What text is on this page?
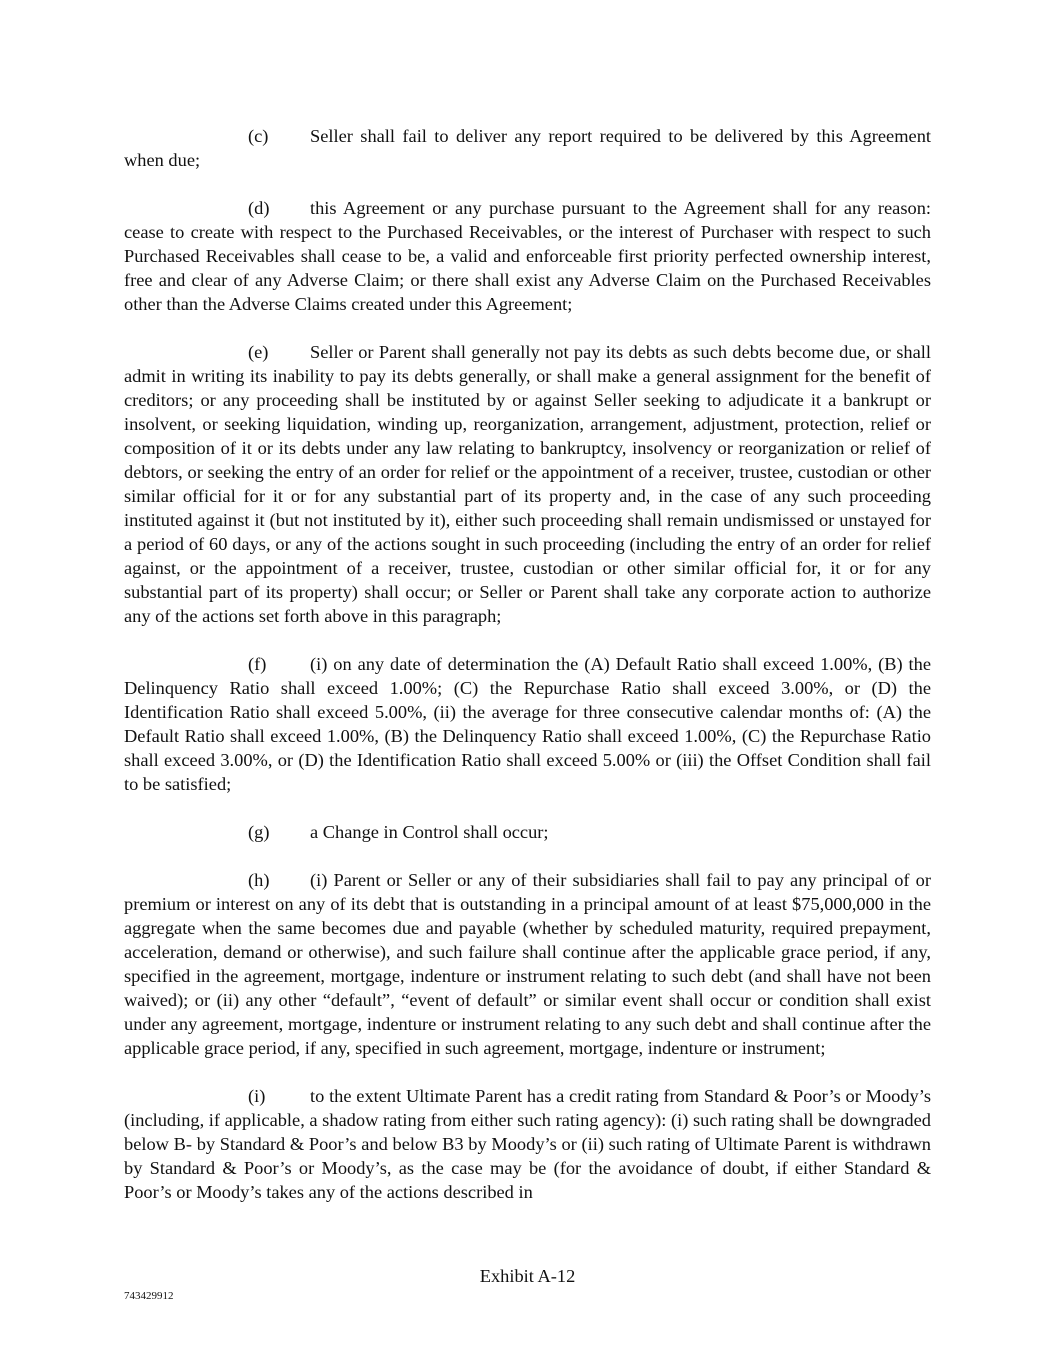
(c) Seller shall fail to deliver any report required to be delivered by this Agreement when due;

(d) this Agreement or any purchase pursuant to the Agreement shall for any reason: cease to create with respect to the Purchased Receivables, or the interest of Purchaser with respect to such Purchased Receivables shall cease to be, a valid and enforceable first priority perfected ownership interest, free and clear of any Adverse Claim; or there shall exist any Adverse Claim on the Purchased Receivables other than the Adverse Claims created under this Agreement;

(e) Seller or Parent shall generally not pay its debts as such debts become due, or shall admit in writing its inability to pay its debts generally, or shall make a general assignment for the benefit of creditors; or any proceeding shall be instituted by or against Seller seeking to adjudicate it a bankrupt or insolvent, or seeking liquidation, winding up, reorganization, arrangement, adjustment, protection, relief or composition of it or its debts under any law relating to bankruptcy, insolvency or reorganization or relief of debtors, or seeking the entry of an order for relief or the appointment of a receiver, trustee, custodian or other similar official for it or for any substantial part of its property and, in the case of any such proceeding instituted against it (but not instituted by it), either such proceeding shall remain undismissed or unstayed for a period of 60 days, or any of the actions sought in such proceeding (including the entry of an order for relief against, or the appointment of a receiver, trustee, custodian or other similar official for, it or for any substantial part of its property) shall occur; or Seller or Parent shall take any corporate action to authorize any of the actions set forth above in this paragraph;

(f) (i) on any date of determination the (A) Default Ratio shall exceed 1.00%, (B) the Delinquency Ratio shall exceed 1.00%; (C) the Repurchase Ratio shall exceed 3.00%, or (D) the Identification Ratio shall exceed 5.00%, (ii) the average for three consecutive calendar months of: (A) the Default Ratio shall exceed 1.00%, (B) the Delinquency Ratio shall exceed 1.00%, (C) the Repurchase Ratio shall exceed 3.00%, or (D) the Identification Ratio shall exceed 5.00% or (iii) the Offset Condition shall fail to be satisfied;

(g) a Change in Control shall occur;

(h) (i) Parent or Seller or any of their subsidiaries shall fail to pay any principal of or premium or interest on any of its debt that is outstanding in a principal amount of at least $75,000,000 in the aggregate when the same becomes due and payable (whether by scheduled maturity, required prepayment, acceleration, demand or otherwise), and such failure shall continue after the applicable grace period, if any, specified in the agreement, mortgage, indenture or instrument relating to such debt (and shall have not been waived); or (ii) any other “default”, “event of default” or similar event shall occur or condition shall exist under any agreement, mortgage, indenture or instrument relating to any such debt and shall continue after the applicable grace period, if any, specified in such agreement, mortgage, indenture or instrument;

(i) to the extent Ultimate Parent has a credit rating from Standard & Poor’s or Moody’s (including, if applicable, a shadow rating from either such rating agency): (i) such rating shall be downgraded below B- by Standard & Poor’s and below B3 by Moody’s or (ii) such rating of Ultimate Parent is withdrawn by Standard & Poor’s or Moody’s, as the case may be (for the avoidance of doubt, if either Standard & Poor’s or Moody’s takes any of the actions described in

Exhibit A-12
743429912
